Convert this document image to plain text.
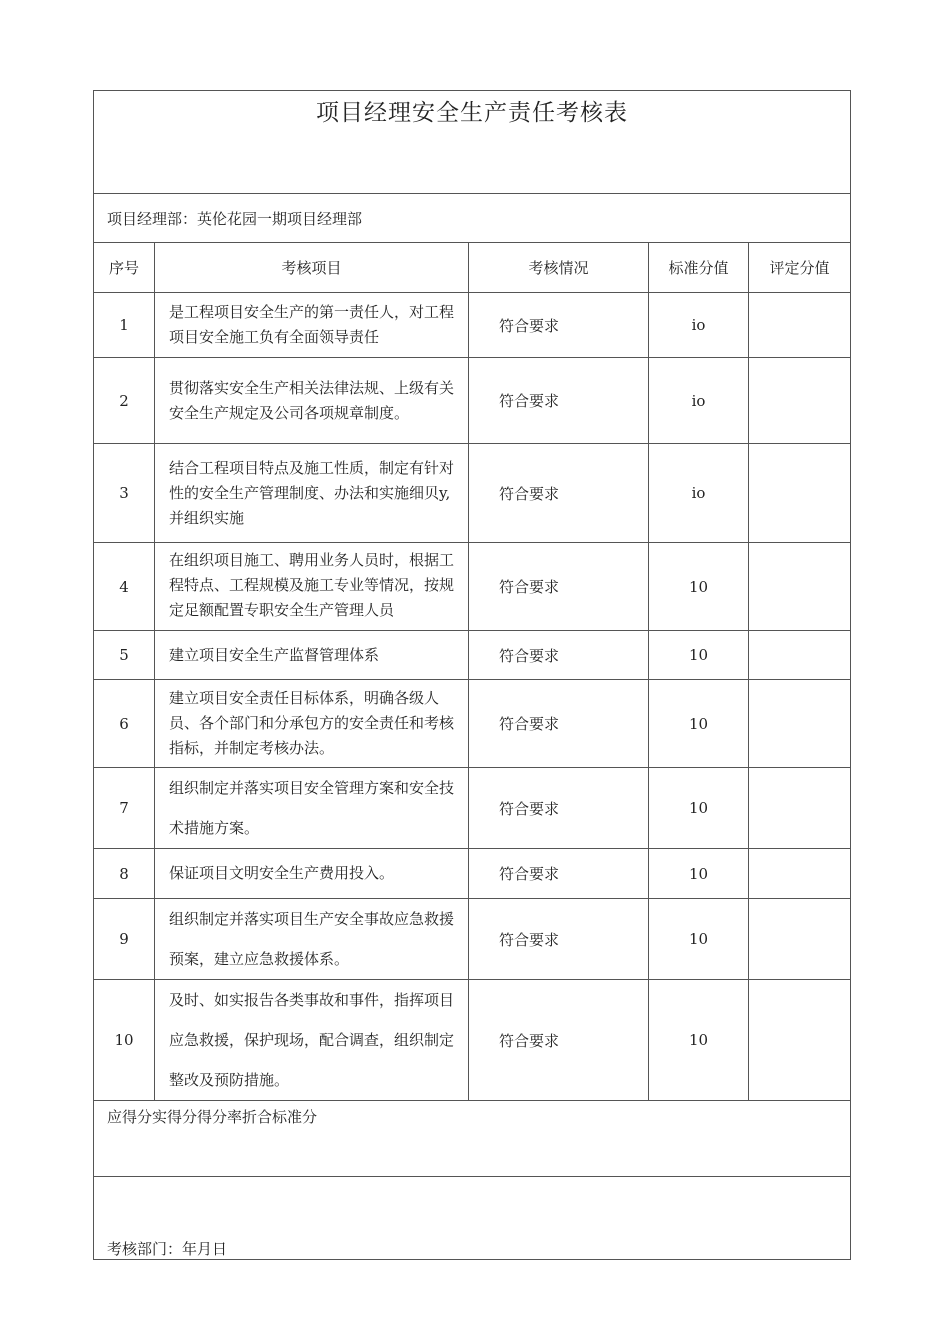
项目经理安全生产责任考核表				

项目经理部：英伦花园一期项目经理部				
序号	考核项目	考核情况	标准分值	评定分值
1	是工程项目安全生产的第一责任人，对工程项目安全施工负有全面领导责任	符合要求	io	
2	贯彻落实安全生产相关法律法规、上级有关安全生产规定及公司各项规章制度。	符合要求	io	
3	结合工程项目特点及施工性质，制定有针对性的安全生产管理制度、办法和实施细贝y,并组织实施	符合要求	io	
4	在组织项目施工、聘用业务人员时，根据工程特点、工程规模及施工专业等情况，按规定足额配置专职安全生产管理人员	符合要求	10	
5	建立项目安全生产监督管理体系	符合要求	10	
6	建立项目安全责任目标体系，明确各级人员、各个部门和分承包方的安全责任和考核指标，并制定考核办法。	符合要求	10	
7	组织制定并落实项目安全管理方案和安全技术措施方案。	符合要求	10	
8	保证项目文明安全生产费用投入。	符合要求	10	
9	组织制定并落实项目生产安全事故应急救援预案，建立应急救援体系。	符合要求	10	
10	及时、如实报告各类事故和事件，指挥项目应急救援，保护现场，配合调查，组织制定整改及预防措施。	符合要求	10	
应得分实得分得分率折合标准分				
考核部门：年月日				
